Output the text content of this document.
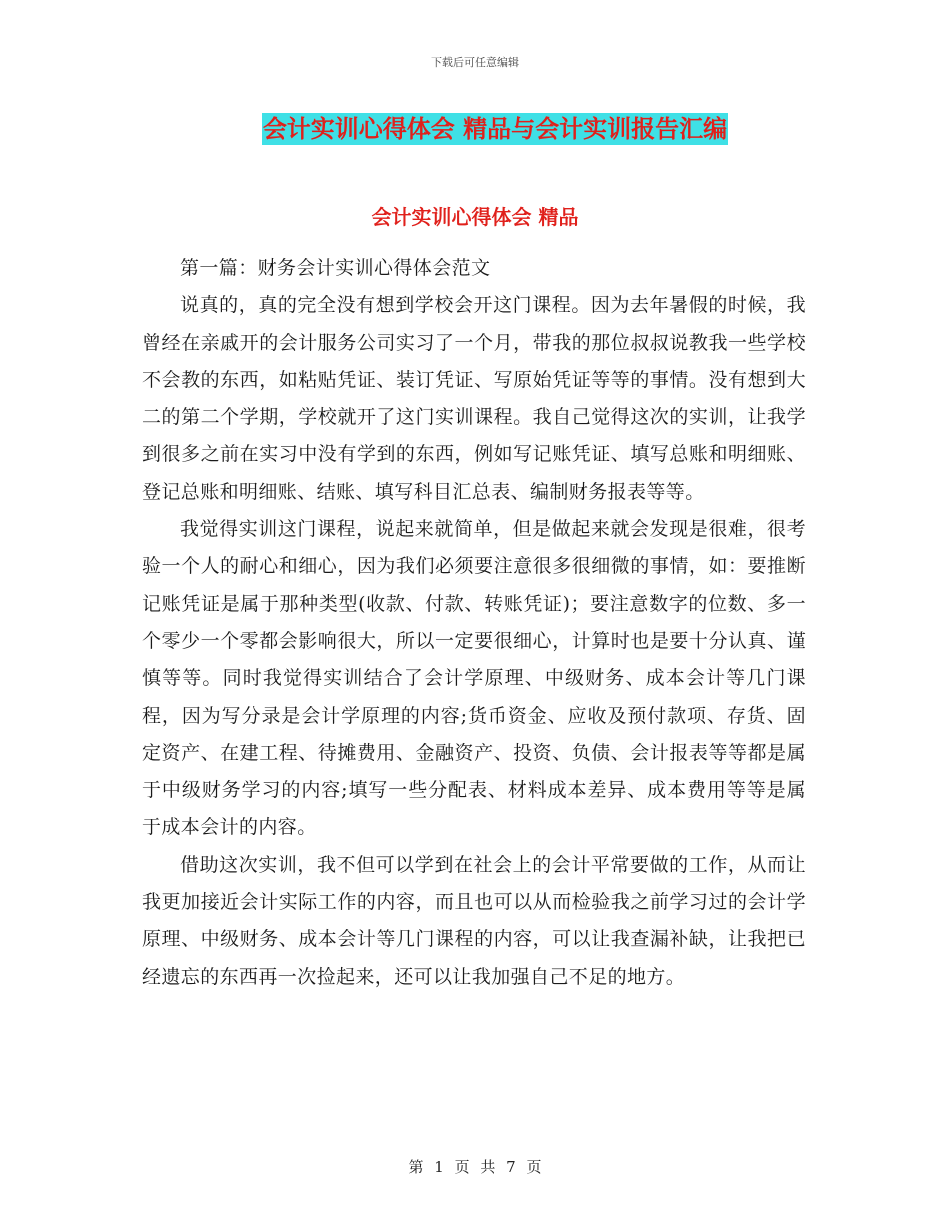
下载后可任意编辑
会计实训心得体会 精品与会计实训报告汇编
会计实训心得体会 精品

第一篇：财务会计实训心得体会范文

说真的，真的完全没有想到学校会开这门课程。因为去年暑假的时候，我曾经在亲戚开的会计服务公司实习了一个月，带我的那位叔叔说教我一些学校不会教的东西，如粘贴凭证、装订凭证、写原始凭证等等的事情。没有想到大二的第二个学期，学校就开了这门实训课程。我自己觉得这次的实训，让我学到很多之前在实习中没有学到的东西，例如写记账凭证、填写总账和明细账、登记总账和明细账、结账、填写科目汇总表、编制财务报表等等。

我觉得实训这门课程，说起来就简单，但是做起来就会发现是很难，很考验一个人的耐心和细心，因为我们必须要注意很多很细微的事情，如：要推断记账凭证是属于那种类型(收款、付款、转账凭证)；要注意数字的位数、多一个零少一个零都会影响很大，所以一定要很细心，计算时也是要十分认真、谨慎等等。同时我觉得实训结合了会计学原理、中级财务、成本会计等几门课程，因为写分录是会计学原理的内容;货币资金、应收及预付款项、存货、固定资产、在建工程、待摊费用、金融资产、投资、负债、会计报表等等都是属于中级财务学习的内容;填写一些分配表、材料成本差异、成本费用等等是属于成本会计的内容。

借助这次实训，我不但可以学到在社会上的会计平常要做的工作，从而让我更加接近会计实际工作的内容，而且也可以从而检验我之前学习过的会计学原理、中级财务、成本会计等几门课程的内容，可以让我查漏补缺，让我把已经遗忘的东西再一次捡起来，还可以让我加强自己不足的地方。

第 1 页 共 7 页
